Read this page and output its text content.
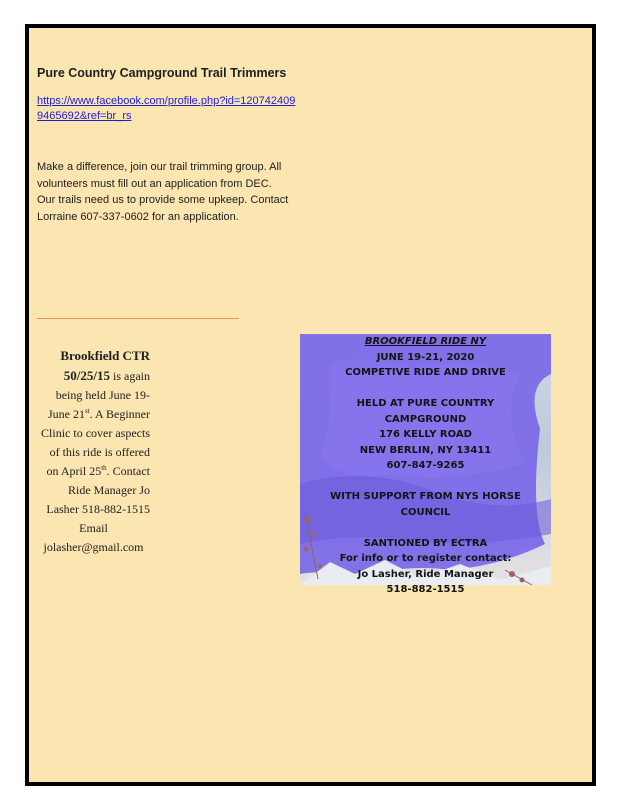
Pure Country Campground Trail Trimmers
https://www.facebook.com/profile.php?id=1207424099465692&ref=br_rs

Make a difference, join our trail trimming group. All volunteers must fill out an application from DEC. Our trails need us to provide some upkeep. Contact Lorraine 607-337-0602 for an application.

Brookfield CTR 50/25/15 is again being held June 19-June 21st. A Beginner Clinic to cover aspects of this ride is offered on April 25th. Contact Ride Manager Jo Lasher 518-882-1515
Email jolasher@gmail.com
BROOKFIELD RIDE NY
JUNE 19-21, 2020
COMPETIVE RIDE AND DRIVE
HELD AT PURE COUNTRY
CAMPGROUND
176 KELLY ROAD
NEW BERLIN, NY 13411
607-847-9265
WITH SUPPORT FROM NYS HORSE
COUNCIL
SANTIONED BY ECTRA
For info or to register contact:
Jo Lasher, Ride Manager
518-882-1515
